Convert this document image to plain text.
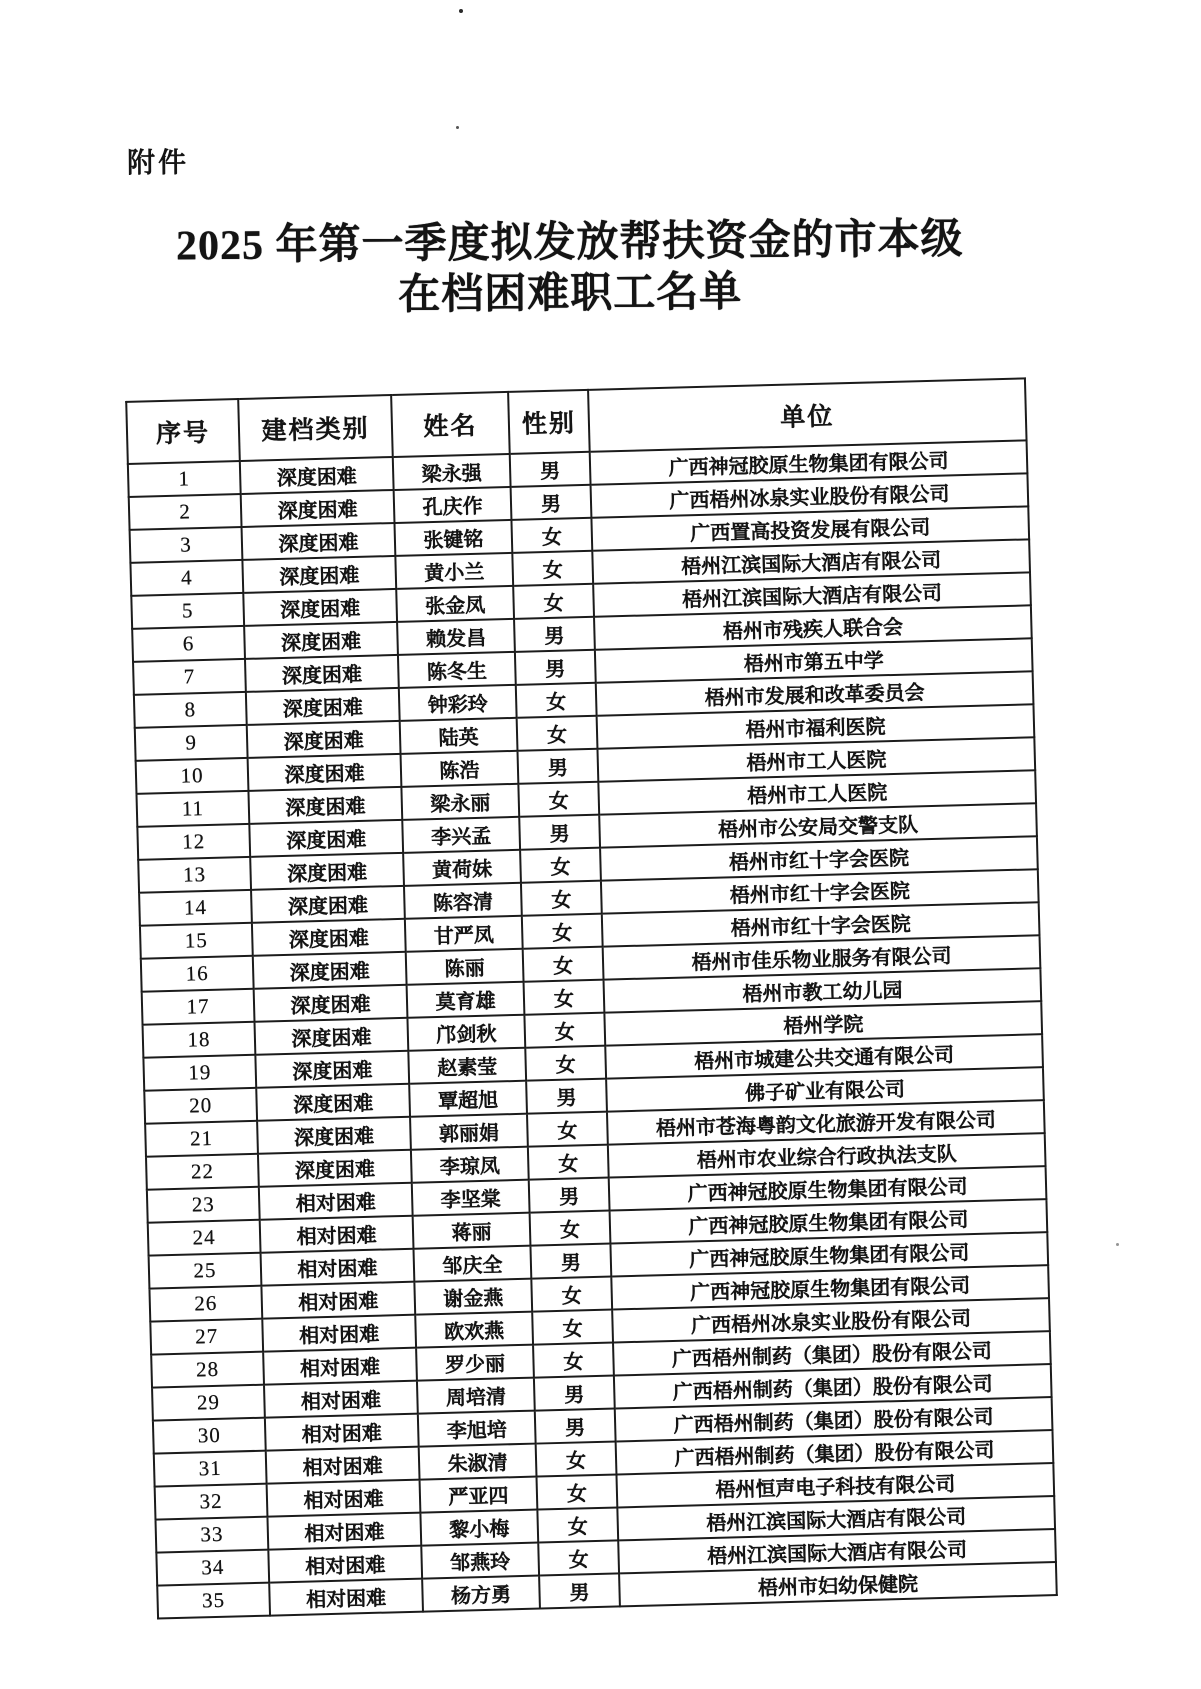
附件
2025 年第一季度拟发放帮扶资金的市本级
在档困难职工名单
序号	建档类别	姓名	性别	单位
1	深度困难	梁永强	男	广西神冠胶原生物集团有限公司
2	深度困难	孔庆作	男	广西梧州冰泉实业股份有限公司
3	深度困难	张键铭	女	广西置高投资发展有限公司
4	深度困难	黄小兰	女	梧州江滨国际大酒店有限公司
5	深度困难	张金凤	女	梧州江滨国际大酒店有限公司
6	深度困难	赖发昌	男	梧州市残疾人联合会
7	深度困难	陈冬生	男	梧州市第五中学
8	深度困难	钟彩玲	女	梧州市发展和改革委员会
9	深度困难	陆英	女	梧州市福利医院
10	深度困难	陈浩	男	梧州市工人医院
11	深度困难	梁永丽	女	梧州市工人医院
12	深度困难	李兴孟	男	梧州市公安局交警支队
13	深度困难	黄荷妹	女	梧州市红十字会医院
14	深度困难	陈容清	女	梧州市红十字会医院
15	深度困难	甘严凤	女	梧州市红十字会医院
16	深度困难	陈丽	女	梧州市佳乐物业服务有限公司
17	深度困难	莫育雄	女	梧州市教工幼儿园
18	深度困难	邝剑秋	女	梧州学院
19	深度困难	赵素莹	女	梧州市城建公共交通有限公司
20	深度困难	覃超旭	男	佛子矿业有限公司
21	深度困难	郭丽娟	女	梧州市苍海粤韵文化旅游开发有限公司
22	深度困难	李琼凤	女	梧州市农业综合行政执法支队
23	相对困难	李坚棠	男	广西神冠胶原生物集团有限公司
24	相对困难	蒋丽	女	广西神冠胶原生物集团有限公司
25	相对困难	邹庆全	男	广西神冠胶原生物集团有限公司
26	相对困难	谢金燕	女	广西神冠胶原生物集团有限公司
27	相对困难	欧欢燕	女	广西梧州冰泉实业股份有限公司
28	相对困难	罗少丽	女	广西梧州制药（集团）股份有限公司
29	相对困难	周培清	男	广西梧州制药（集团）股份有限公司
30	相对困难	李旭培	男	广西梧州制药（集团）股份有限公司
31	相对困难	朱淑清	女	广西梧州制药（集团）股份有限公司
32	相对困难	严亚四	女	梧州恒声电子科技有限公司
33	相对困难	黎小梅	女	梧州江滨国际大酒店有限公司
34	相对困难	邹燕玲	女	梧州江滨国际大酒店有限公司
35	相对困难	杨方勇	男	梧州市妇幼保健院
